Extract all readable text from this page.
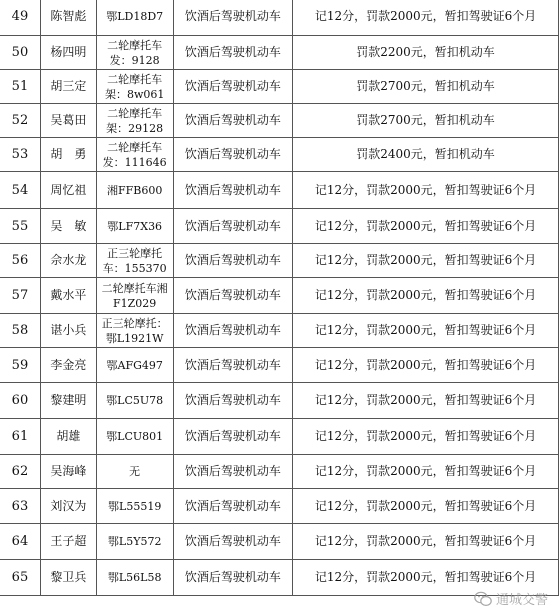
49	陈智彪	鄂LD18D7	饮酒后驾驶机动车	记12分，罚款2000元，暂扣驾驶证6个月
50	杨四明	二轮摩托车发：9128	饮酒后驾驶机动车	罚款2200元，暂扣机动车
51	胡三定	二轮摩托车架：8w061	饮酒后驾驶机动车	罚款2700元，暂扣机动车
52	吴葛田	二轮摩托车架：29128	饮酒后驾驶机动车	罚款2700元，暂扣机动车
53	胡　勇	二轮摩托车发：111646	饮酒后驾驶机动车	罚款2400元，暂扣机动车
54	周忆祖	湘FFB600	饮酒后驾驶机动车	记12分，罚款2000元，暂扣驾驶证6个月
55	吴　敏	鄂LF7X36	饮酒后驾驶机动车	记12分，罚款2000元，暂扣驾驶证6个月
56	佘水龙	正三轮摩托车：155370	饮酒后驾驶机动车	记12分，罚款2000元，暂扣驾驶证6个月
57	戴水平	二轮摩托车湘F1Z029	饮酒后驾驶机动车	记12分，罚款2000元，暂扣驾驶证6个月
58	谌小兵	正三轮摩托：鄂L1921W	饮酒后驾驶机动车	记12分，罚款2000元，暂扣驾驶证6个月
59	李金亮	鄂AFG497	饮酒后驾驶机动车	记12分，罚款2000元，暂扣驾驶证6个月
60	黎建明	鄂LC5U78	饮酒后驾驶机动车	记12分，罚款2000元，暂扣驾驶证6个月
61	胡雄	鄂LCU801	饮酒后驾驶机动车	记12分，罚款2000元，暂扣驾驶证6个月
62	吴海峰	无	饮酒后驾驶机动车	记12分，罚款2000元，暂扣驾驶证6个月
63	刘汉为	鄂L55519	饮酒后驾驶机动车	记12分，罚款2000元，暂扣驾驶证6个月
64	王子超	鄂L5Y572	饮酒后驾驶机动车	记12分，罚款2000元，暂扣驾驶证6个月
65	黎卫兵	鄂L56L58	饮酒后驾驶机动车	记12分，罚款2000元，暂扣驾驶证6个月
通城交警
